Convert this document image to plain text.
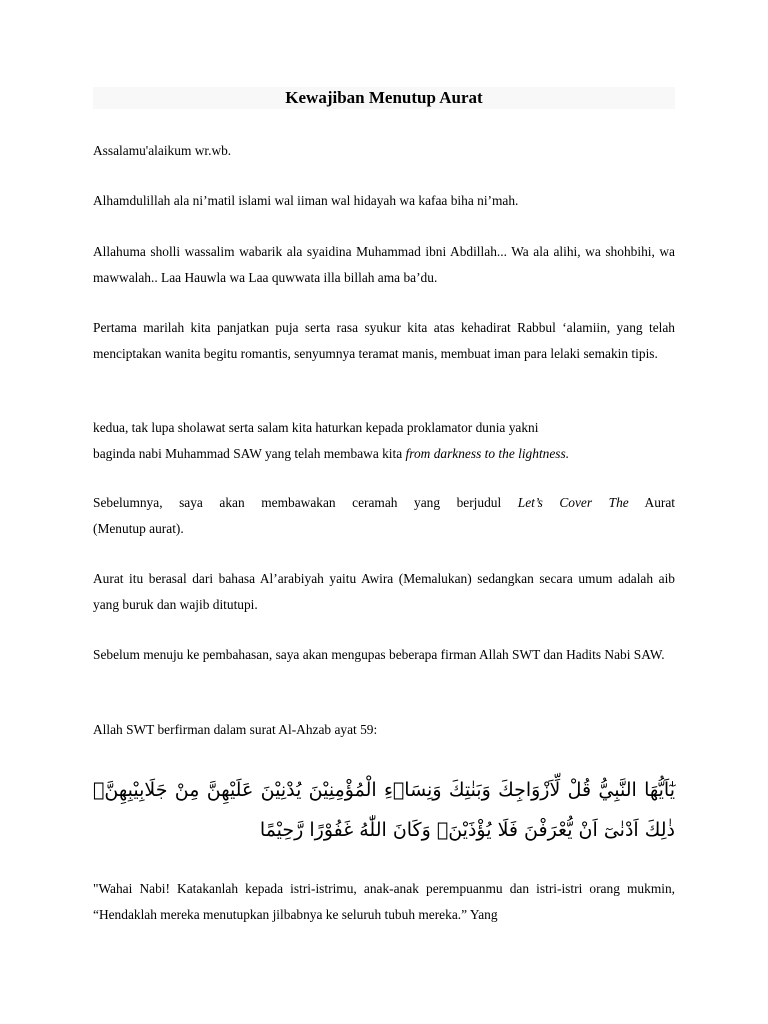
Kewajiban Menutup Aurat

Assalamu'alaikum wr.wb.

Alhamdulillah ala ni’matil islami wal iiman wal hidayah wa kafaa biha ni’mah.

Allahuma sholli wassalim wabarik ala syaidina Muhammad ibni Abdillah... Wa ala alihi, wa shohbihi, wa mawwalah.. Laa Hauwla wa Laa quwwata illa billah ama ba’du.

Pertama marilah kita panjatkan puja serta rasa syukur kita atas kehadirat Rabbul ‘alamiin, yang telah menciptakan wanita begitu romantis, senyumnya teramat manis, membuat iman para lelaki semakin tipis.

kedua, tak lupa sholawat serta salam kita haturkan kepada proklamator dunia yakni
baginda nabi Muhammad SAW yang telah membawa kita from darkness to the lightness.
Sebelumnya, saya akan membawakan ceramah yang berjudul Let’s Cover The Aurat
(Menutup aurat).

Aurat itu berasal dari bahasa Al’arabiyah yaitu Awira (Memalukan) sedangkan secara umum adalah aib yang buruk dan wajib ditutupi.

Sebelum menuju ke pembahasan, saya akan mengupas beberapa firman Allah SWT dan Hadits Nabi SAW.

Allah SWT berfirman dalam surat Al-Ahzab ayat 59:

يٰٓاَيُّهَا النَّبِيُّ قُلْ لِّاَزْوَاجِكَ وَبَنٰتِكَ وَنِسَاۤءِ الْمُؤْمِنِيْنَ يُدْنِيْنَ عَلَيْهِنَّ مِنْ جَلَابِيْبِهِنَّۗ ذٰلِكَ اَدْنٰىٓ اَنْ يُّعْرَفْنَ فَلَا يُؤْذَيْنَۗ وَكَانَ اللّٰهُ غَفُوْرًا رَّحِيْمًا

"Wahai Nabi! Katakanlah kepada istri-istrimu, anak-anak perempuanmu dan istri-istri orang mukmin, “Hendaklah mereka menutupkan jilbabnya ke seluruh tubuh mereka.” Yang
